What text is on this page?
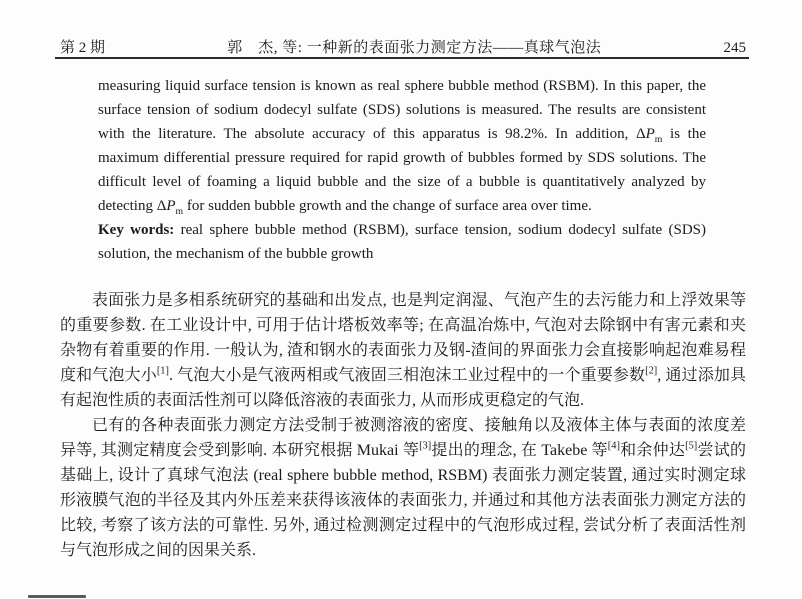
第 2 期	郭　杰, 等: 一种新的表面张力测定方法——真球气泡法	245

measuring liquid surface tension is known as real sphere bubble method (RSBM). In this paper, the surface tension of sodium dodecyl sulfate (SDS) solutions is measured. The results are consistent with the literature. The absolute accuracy of this apparatus is 98.2%. In addition, $\Delta P_m$ is the maximum differential pressure required for rapid growth of bubbles formed by SDS solutions. The difficult level of foaming a liquid bubble and the size of a bubble is quantitatively analyzed by detecting $\Delta P_m$ for sudden bubble growth and the change of surface area over time.

Key words: real sphere bubble method (RSBM), surface tension, sodium dodecyl sulfate (SDS) solution, the mechanism of the bubble growth

表面张力是多相系统研究的基础和出发点, 也是判定润湿、气泡产生的去污能力和上浮效果等的重要参数. 在工业设计中, 可用于估计塔板效率等; 在高温冶炼中, 气泡对去除钢中有害元素和夹杂物有着重要的作用. 一般认为, 渣和钢水的表面张力及钢-渣间的界面张力会直接影响起泡难易程度和气泡大小[1]. 气泡大小是气液两相或气液固三相泡沫工业过程中的一个重要参数[2], 通过添加具有起泡性质的表面活性剂可以降低溶液的表面张力, 从而形成更稳定的气泡.

已有的各种表面张力测定方法受制于被测溶液的密度、接触角以及液体主体与表面的浓度差异等, 其测定精度会受到影响. 本研究根据 Mukai 等[3]提出的理念, 在 Takebe 等[4]和余仲达[5]尝试的基础上, 设计了真球气泡法 (real sphere bubble method, RSBM) 表面张力测定装置, 通过实时测定球形液膜气泡的半径及其内外压差来获得该液体的表面张力, 并通过和其他方法表面张力测定方法的比较, 考察了该方法的可靠性. 另外, 通过检测测定过程中的气泡形成过程, 尝试分析了表面活性剂与气泡形成之间的因果关系.
